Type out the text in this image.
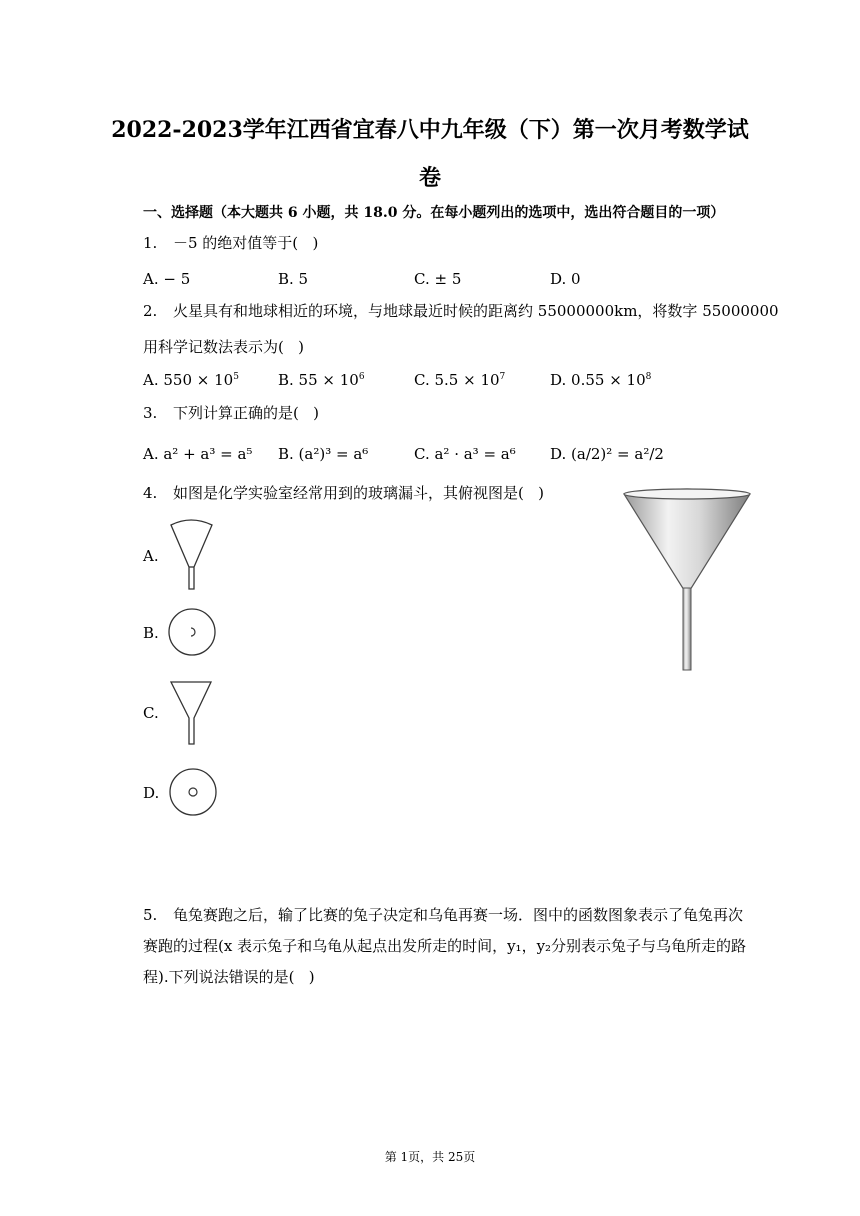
2022-2023学年江西省宜春八中九年级（下）第一次月考数学试
卷
一、选择题（本大题共 6 小题，共 18.0 分。在每小题列出的选项中，选出符合题目的一项）
1. －5 的绝对值等于(   )
A. − 5	B. 5	C. ± 5	D. 0
2. 火星具有和地球相近的环境，与地球最近时候的距离约 55000000km，将数字 55000000
用科学记数法表示为(   )
A. $550 \times 10^5$	B. $55 \times 10^6$	C. $5.5 \times 10^7$	D. $0.55 \times 10^8$
3. 下列计算正确的是(   )
A. a² + a³ = a⁵ B. (a²)³ = a⁶	C. a² · a³ = a⁶ D. (a/2)² = a²/2
4. 如图是化学实验室经常用到的玻璃漏斗，其俯视图是(   )
A.
B.
C.
D.
5. 龟兔赛跑之后，输了比赛的兔子决定和乌龟再赛一场．图中的函数图象表示了龟兔再次
赛跑的过程(x 表示兔子和乌龟从起点出发所走的时间，y₁，y₂分别表示兔子与乌龟所走的路
程).下列说法错误的是(   )
第 1页，共 25页
